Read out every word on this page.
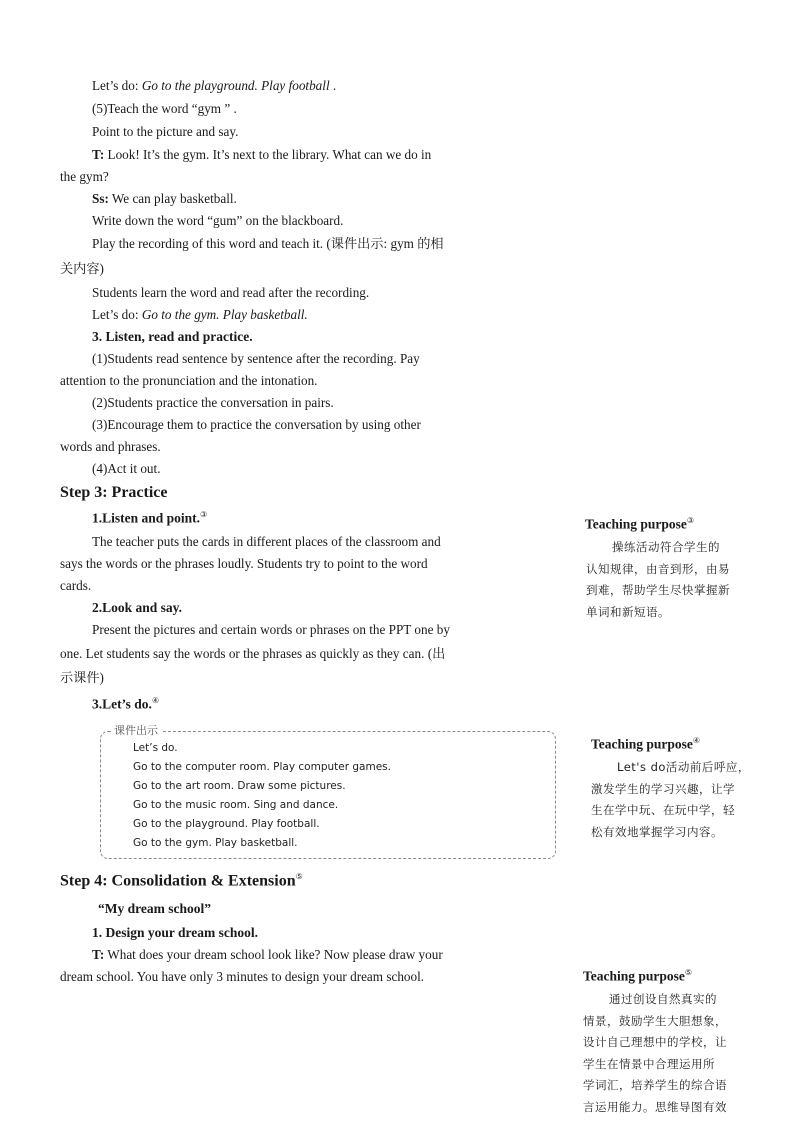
Let’s do: Go to the playground. Play football .
(5)Teach the word “gym ” .
Point to the picture and say.
T: Look! It’s the gym. It’s next to the library. What can we do in
the gym?
Ss: We can play basketball.
Write down the word “gum” on the blackboard.
Play the recording of this word and teach it. (课件出示: gym 的相
关内容)
Students learn the word and read after the recording.
Let’s do: Go to the gym. Play basketball.
3. Listen, read and practice.
(1)Students read sentence by sentence after the recording. Pay
attention to the pronunciation and the intonation.
(2)Students practice the conversation in pairs.
(3)Encourage them to practice the conversation by using other
words and phrases.
(4)Act it out.
Step 3: Practice
1.Listen and point.③
The teacher puts the cards in different places of the classroom and
says the words or the phrases loudly. Students try to point to the word
cards.
2.Look and say.
Present the pictures and certain words or phrases on the PPT one by
one. Let students say the words or the phrases as quickly as they can. (出
示课件)
3.Let’s do.④
课件出示
Let’s do.
Go to the computer room. Play computer games.
Go to the art room. Draw some pictures.
Go to the music room. Sing and dance.
Go to the playground. Play football.
Go to the gym. Play basketball.
Step 4: Consolidation & Extension⑤
“My dream school”
1. Design your dream school.
T: What does your dream school look like? Now please draw your
dream school. You have only 3 minutes to design your dream school.
Teaching purpose③
操练活动符合学生的
认知规律，由音到形，由易
到难，帮助学生尽快掌握新
单词和新短语。
Teaching purpose④
Let's do活动前后呼应，
激发学生的学习兴趣，让学
生在学中玩、在玩中学，轻
松有效地掌握学习内容。
Teaching purpose⑤
通过创设自然真实的
情景，鼓励学生大胆想象，
设计自己理想中的学校，让
学生在情景中合理运用所
学词汇，培养学生的综合语
言运用能力。思维导图有效
